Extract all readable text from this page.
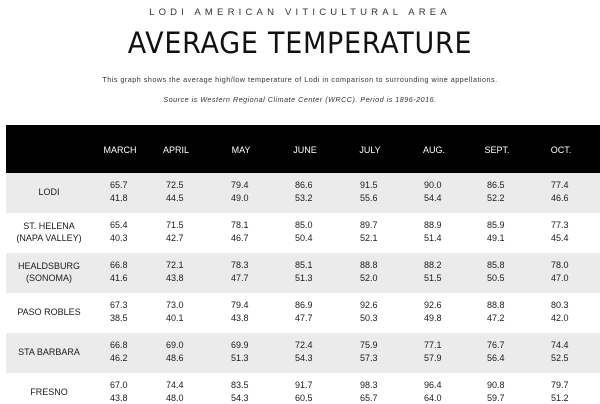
LODI AMERICAN VITICULTURAL AREA
AVERAGE TEMPERATURE
This graph shows the average high/low temperature of Lodi in comparison to surrounding wine appellations.
Source is Western Regional Climate Center (WRCC). Period is 1896-2016.
MARCH	APRIL	MAY	JUNE	JULY	AUG.	SEPT.	OCT.
LODI
65.7	72.5	79.4	86.6	91.5	90.0	86.5	77.4
41.8	44.5	49.0	53.2	55.6	54.4	52.2	46.6
ST. HELENA
(NAPA VALLEY)
65.4	71.5	78.1	85.0	89.7	88.9	85.9	77.3
40.3	42.7	46.7	50.4	52.1	51.4	49.1	45.4
HEALDSBURG
(SONOMA)
66.8	72.1	78.3	85.1	88.8	88.2	85.8	78.0
41.6	43.8	47.7	51.3	52.0	51.5	50.5	47.0
PASO ROBLES
67.3	73.0	79.4	86.9	92.6	92.6	88.8	80.3
38.5	40.1	43.8	47.7	50.3	49.8	47.2	42.0
STA BARBARA
66.8	69.0	69.9	72.4	75.9	77.1	76.7	74.4
46.2	48.6	51.3	54.3	57.3	57.9	56.4	52.5
FRESNO
67.0	74.4	83.5	91.7	98.3	96.4	90.8	79.7
43.8	48.0	54.3	60.5	65.7	64.0	59.7	51.2
